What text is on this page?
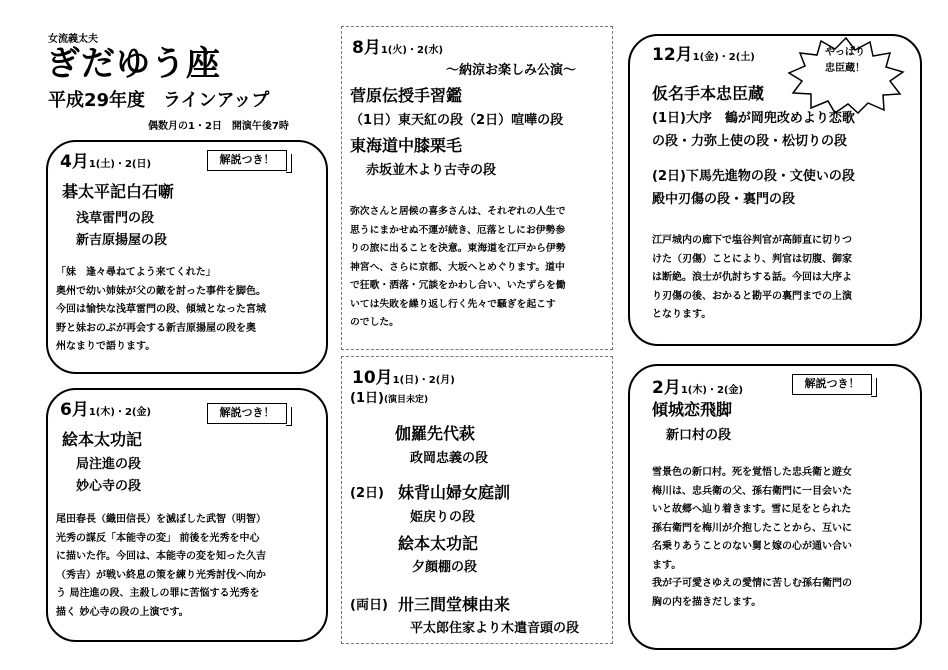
女流義太夫
ぎだゆう座
平成29年度　ラインアップ
偶数月の1・2日　開演午後7時
4月1(土)・2(日)	解説つき！
碁太平記白石噺
浅草雷門の段
新吉原揚屋の段

「妹　逢々尋ねてよう来てくれた」

奥州で幼い姉妹が父の敵を討った事件を脚色。

今回は愉快な浅草雷門の段、傾城となった宮城

野と妹おのぶが再会する新吉原揚屋の段を奥

州なまりで語ります。

6月1(木)・2(金)	解説つき！
絵本太功記
局注進の段
妙心寺の段

尾田春長（織田信長）を滅ぼした武智（明智）

光秀の謀反「本能寺の変」 前後を光秀を中心

に描いた作。今回は、本能寺の変を知った久吉

（秀吉）が戦い終息の策を練り光秀討伐へ向か

う 局注進の段、主殺しの罪に苦悩する光秀を

描く 妙心寺の段の上演です。

8月1(火)・2(水)
～納涼お楽しみ公演～
菅原伝授手習鑑
（1日）東天紅の段（2日）喧嘩の段
東海道中膝栗毛
赤坂並木より古寺の段

弥次さんと居候の喜多さんは、それぞれの人生で

思うにまかせぬ不運が続き、厄落としにお伊勢参

りの旅に出ることを決意。東海道を江戸から伊勢

神宮へ、さらに京都、大坂へとめぐります。道中

で狂歌・洒落・冗談をかわし合い、いたずらを働

いては失敗を繰り返し行く先々で騒ぎを起こす

のでした。

10月1(日)・2(月)
(1日)(演目未定)
伽羅先代萩
政岡忠義の段
(2日) 妹背山婦女庭訓
姫戻りの段
絵本太功記
夕顔棚の段
(両日) 卅三間堂棟由来
平太郎住家より木遣音頭の段
やっぱり
忠臣蔵！
12月1(金)・2(土)
仮名手本忠臣蔵
(1日)大序　鶴が岡兜改めより恋歌
の段・力弥上使の段・松切りの段
(2日)下馬先進物の段・文使いの段
殿中刃傷の段・裏門の段

江戸城内の廊下で塩谷判官が高師直に切りつ

けた（刃傷）ことにより、判官は切腹、御家

は断絶。浪士が仇討ちする話。今回は大序よ

り刃傷の後、おかると勘平の裏門までの上演

となります。

2月1(木)・2(金)
解説つき！
傾城恋飛脚
新口村の段

雪景色の新口村。死を覚悟した忠兵衛と遊女

梅川は、忠兵衛の父、孫右衛門に一目会いた

いと故郷へ辿り着きます。雪に足をとられた

孫右衛門を梅川が介抱したことから、互いに

名乗りあうことのない舅と嫁の心が通い合い

ます。

我が子可愛さゆえの愛情に苦しむ孫右衛門の

胸の内を描きだします。
